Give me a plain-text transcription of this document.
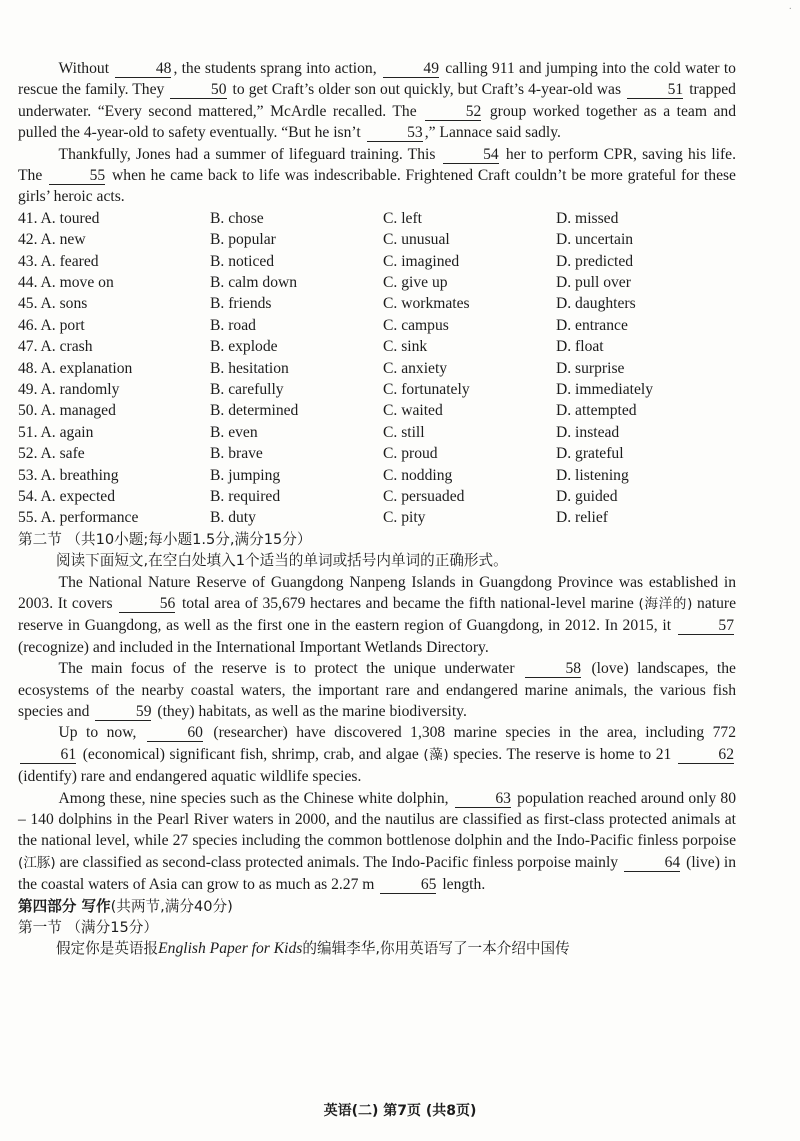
·

Without	48 , the students sprang into action,	49 calling 911 and jumping into the cold water to rescue the family. They	50 to get Craft’s older son out quickly, but Craft’s 4-year-old was	51 trapped underwater. “Every second mattered,” McArdle recalled. The	52 group worked together as a team and pulled the 4-year-old to safety eventually. “But he isn’t	53 ,” Lannace said sadly.

Thankfully, Jones had a summer of lifeguard training. This	54 her to perform CPR, saving his life. The	55 when he came back to life was indescribable. Frightened Craft couldn’t be more grateful for these girls’ heroic acts.

41. A. toured	B. chose	C. left	D. missed
42. A. new	B. popular	C. unusual	D. uncertain
43. A. feared	B. noticed	C. imagined	D. predicted
44. A. move on	B. calm down	C. give up	D. pull over
45. A. sons	B. friends	C. workmates	D. daughters
46. A. port	B. road	C. campus	D. entrance
47. A. crash	B. explode	C. sink	D. float
48. A. explanation	B. hesitation	C. anxiety	D. surprise
49. A. randomly	B. carefully	C. fortunately	D. immediately
50. A. managed	B. determined	C. waited	D. attempted
51. A. again	B. even	C. still	D. instead
52. A. safe	B. brave	C. proud	D. grateful
53. A. breathing	B. jumping	C. nodding	D. listening
54. A. expected	B. required	C. persuaded	D. guided
55. A. performance	B. duty	C. pity	D. relief

第二节 （共10小题;每小题1.5分,满分15分）

阅读下面短文,在空白处填入1个适当的单词或括号内单词的正确形式。

The National Nature Reserve of Guangdong Nanpeng Islands in Guangdong Province was established in 2003. It covers	56 total area of 35,679 hectares and became the fifth national-level marine (海洋的) nature reserve in Guangdong, as well as the first one in the eastern region of Guangdong, in 2012. In 2015, it	57 (recognize) and included in the International Important Wetlands Directory.

The main focus of the reserve is to protect the unique underwater	58 (love) landscapes, the ecosystems of the nearby coastal waters, the important rare and endangered marine animals, the various fish species and	59 (they) habitats, as well as the marine biodiversity.

Up to now,	60 (researcher) have discovered 1,308 marine species in the area, including 772 61 (economical) significant fish, shrimp, crab, and algae (藻) species. The reserve is home to 21	62 (identify) rare and endangered aquatic wildlife species.

Among these, nine species such as the Chinese white dolphin,	63 population reached around only 80 – 140 dolphins in the Pearl River waters in 2000, and the nautilus are classified as first-class protected animals at the national level, while 27 species including the common bottlenose dolphin and the Indo-Pacific finless porpoise (江豚) are classified as second-class protected animals. The Indo-Pacific finless porpoise mainly	64 (live) in the coastal waters of Asia can grow to as much as 2.27 m	65 length.

第四部分 写作(共两节,满分40分)

第一节 （满分15分）

假定你是英语报English Paper for Kids的编辑李华,你用英语写了一本介绍中国传

英语(二) 第7页 (共8页)
